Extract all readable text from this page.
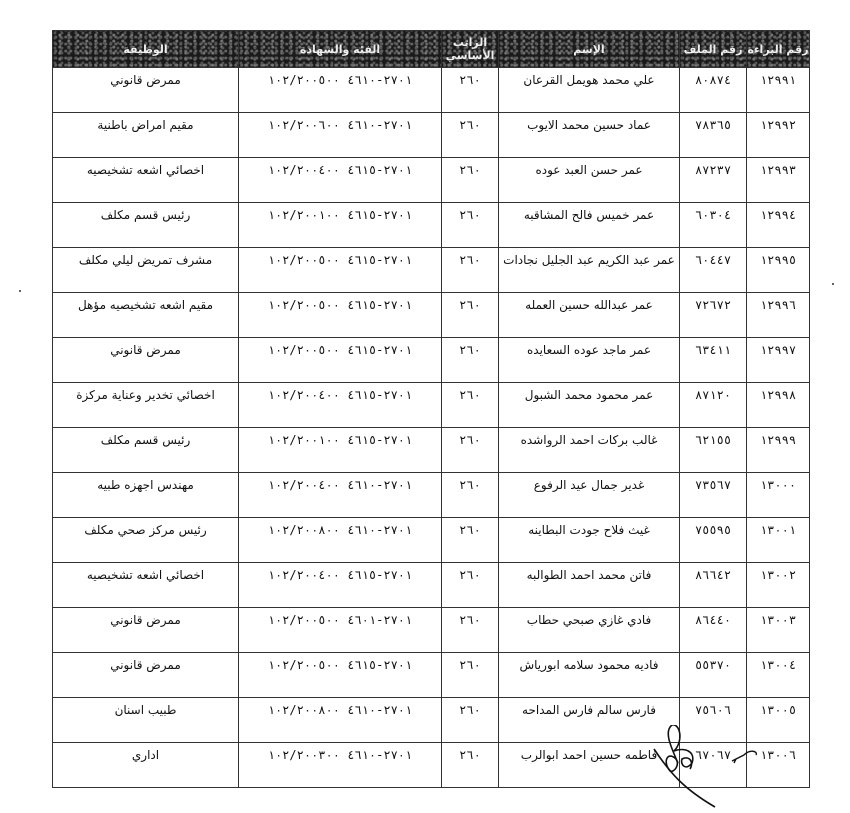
رقم البراءة	رقم الملف	الإسم	الراتب الأساسي	الفئة والشهادة	الوظيفة
١٢٩٩١	٨٠٨٧٤	علي محمد هويمل القرعان	٢٦٠	٢٧٠١-٤٦١٠ ١٠٢/٢٠٠٥٠٠	ممرض قانوني
١٢٩٩٢	٧٨٣٦٥	عماد حسين محمد الايوب	٢٦٠	٢٧٠١-٤٦١٠ ١٠٢/٢٠٠٦٠٠	مقيم امراض باطنية
١٢٩٩٣	٨٧٢٣٧	عمر حسن العبد عوده	٢٦٠	٢٧٠١-٤٦١٥ ١٠٢/٢٠٠٤٠٠	اخصائي اشعه تشخيصيه
١٢٩٩٤	٦٠٣٠٤	عمر خميس فالح المشاقبه	٢٦٠	٢٧٠١-٤٦١٥ ١٠٢/٢٠٠١٠٠	رئيس قسم مكلف
١٢٩٩٥	٦٠٤٤٧	عمر عبد الكريم عبد الجليل نجادات	٢٦٠	٢٧٠١-٤٦١٥ ١٠٢/٢٠٠٥٠٠	مشرف تمريض ليلي مكلف
١٢٩٩٦	٧٢٦٧٢	عمر عبدالله حسين العمله	٢٦٠	٢٧٠١-٤٦١٥ ١٠٢/٢٠٠٥٠٠	مقيم اشعه تشخيصيه مؤهل
١٢٩٩٧	٦٣٤١١	عمر ماجد عوده السعايده	٢٦٠	٢٧٠١-٤٦١٥ ١٠٢/٢٠٠٥٠٠	ممرض قانوني
١٢٩٩٨	٨٧١٢٠	عمر محمود محمد الشبول	٢٦٠	٢٧٠١-٤٦١٥ ١٠٢/٢٠٠٤٠٠	اخصائي تخدير وعناية مركزة
١٢٩٩٩	٦٢١٥٥	غالب بركات احمد الرواشده	٢٦٠	٢٧٠١-٤٦١٥ ١٠٢/٢٠٠١٠٠	رئيس قسم مكلف
١٣٠٠٠	٧٣٥٦٧	غدير جمال عيد الرفوع	٢٦٠	٢٧٠١-٤٦١٠ ١٠٢/٢٠٠٤٠٠	مهندس اجهزه طبيه
١٣٠٠١	٧٥٥٩٥	غيث فلاح جودت البطاينه	٢٦٠	٢٧٠١-٤٦١٠ ١٠٢/٢٠٠٨٠٠	رئيس مركز صحي مكلف
١٣٠٠٢	٨٦٦٤٢	فاتن محمد احمد الطوالبه	٢٦٠	٢٧٠١-٤٦١٥ ١٠٢/٢٠٠٤٠٠	اخصائي اشعه تشخيصيه
١٣٠٠٣	٨٦٤٤٠	فادي غازي صبحي حطاب	٢٦٠	٢٧٠١-٤٦٠١ ١٠٢/٢٠٠٥٠٠	ممرض قانوني
١٣٠٠٤	٥٥٣٧٠	فاديه محمود سلامه ابورياش	٢٦٠	٢٧٠١-٤٦١٥ ١٠٢/٢٠٠٥٠٠	ممرض قانوني
١٣٠٠٥	٧٥٦٠٦	فارس سالم فارس المداحه	٢٦٠	٢٧٠١-٤٦١٠ ١٠٢/٢٠٠٨٠٠	طبيب اسنان
١٣٠٠٦	٦٧٠٦٧	فاطمه حسين احمد ابوالرب	٢٦٠	٢٧٠١-٤٦١٠ ١٠٢/٢٠٠٣٠٠	اداري
